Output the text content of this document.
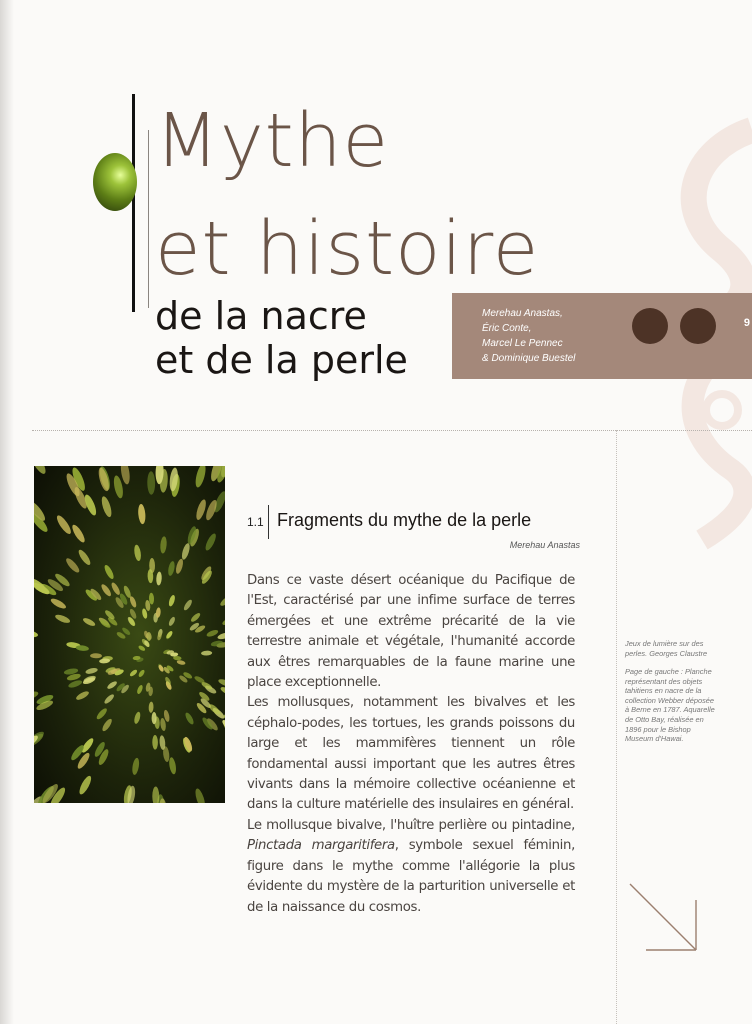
Mythe
et histoire
de la nacre
et de la perle
Merehau Anastas,
Éric Conte,
Marcel Le Pennec
& Dominique Buestel
9
1.1 Fragments du mythe de la perle
Merehau Anastas

Dans ce vaste désert océanique du Pacifique de l'Est, caractérisé par une infime surface de terres émergées et une extrême précarité de la vie terrestre animale et végétale, l'humanité accorde aux êtres remarquables de la faune marine une place exceptionnelle.

Les mollusques, notamment les bivalves et les céphalo-podes, les tortues, les grands poissons du large et les mammifères tiennent un rôle fondamental aussi important que les autres êtres vivants dans la mémoire collective océanienne et dans la culture matérielle des insulaires en général.

Le mollusque bivalve, l'huître perlière ou pintadine, Pinctada margaritifera, symbole sexuel féminin, figure dans le mythe comme l'allégorie la plus évidente du mystère de la parturition universelle et de la naissance du cosmos.

Jeux de lumière sur des perles. Georges Claustre
Page de gauche : Planche représentant des objets tahitiens en nacre de la collection Webber déposée à Berne en 1787. Aquarelle de Otto Bay, réalisée en 1896 pour le Bishop Museum d'Hawai.
